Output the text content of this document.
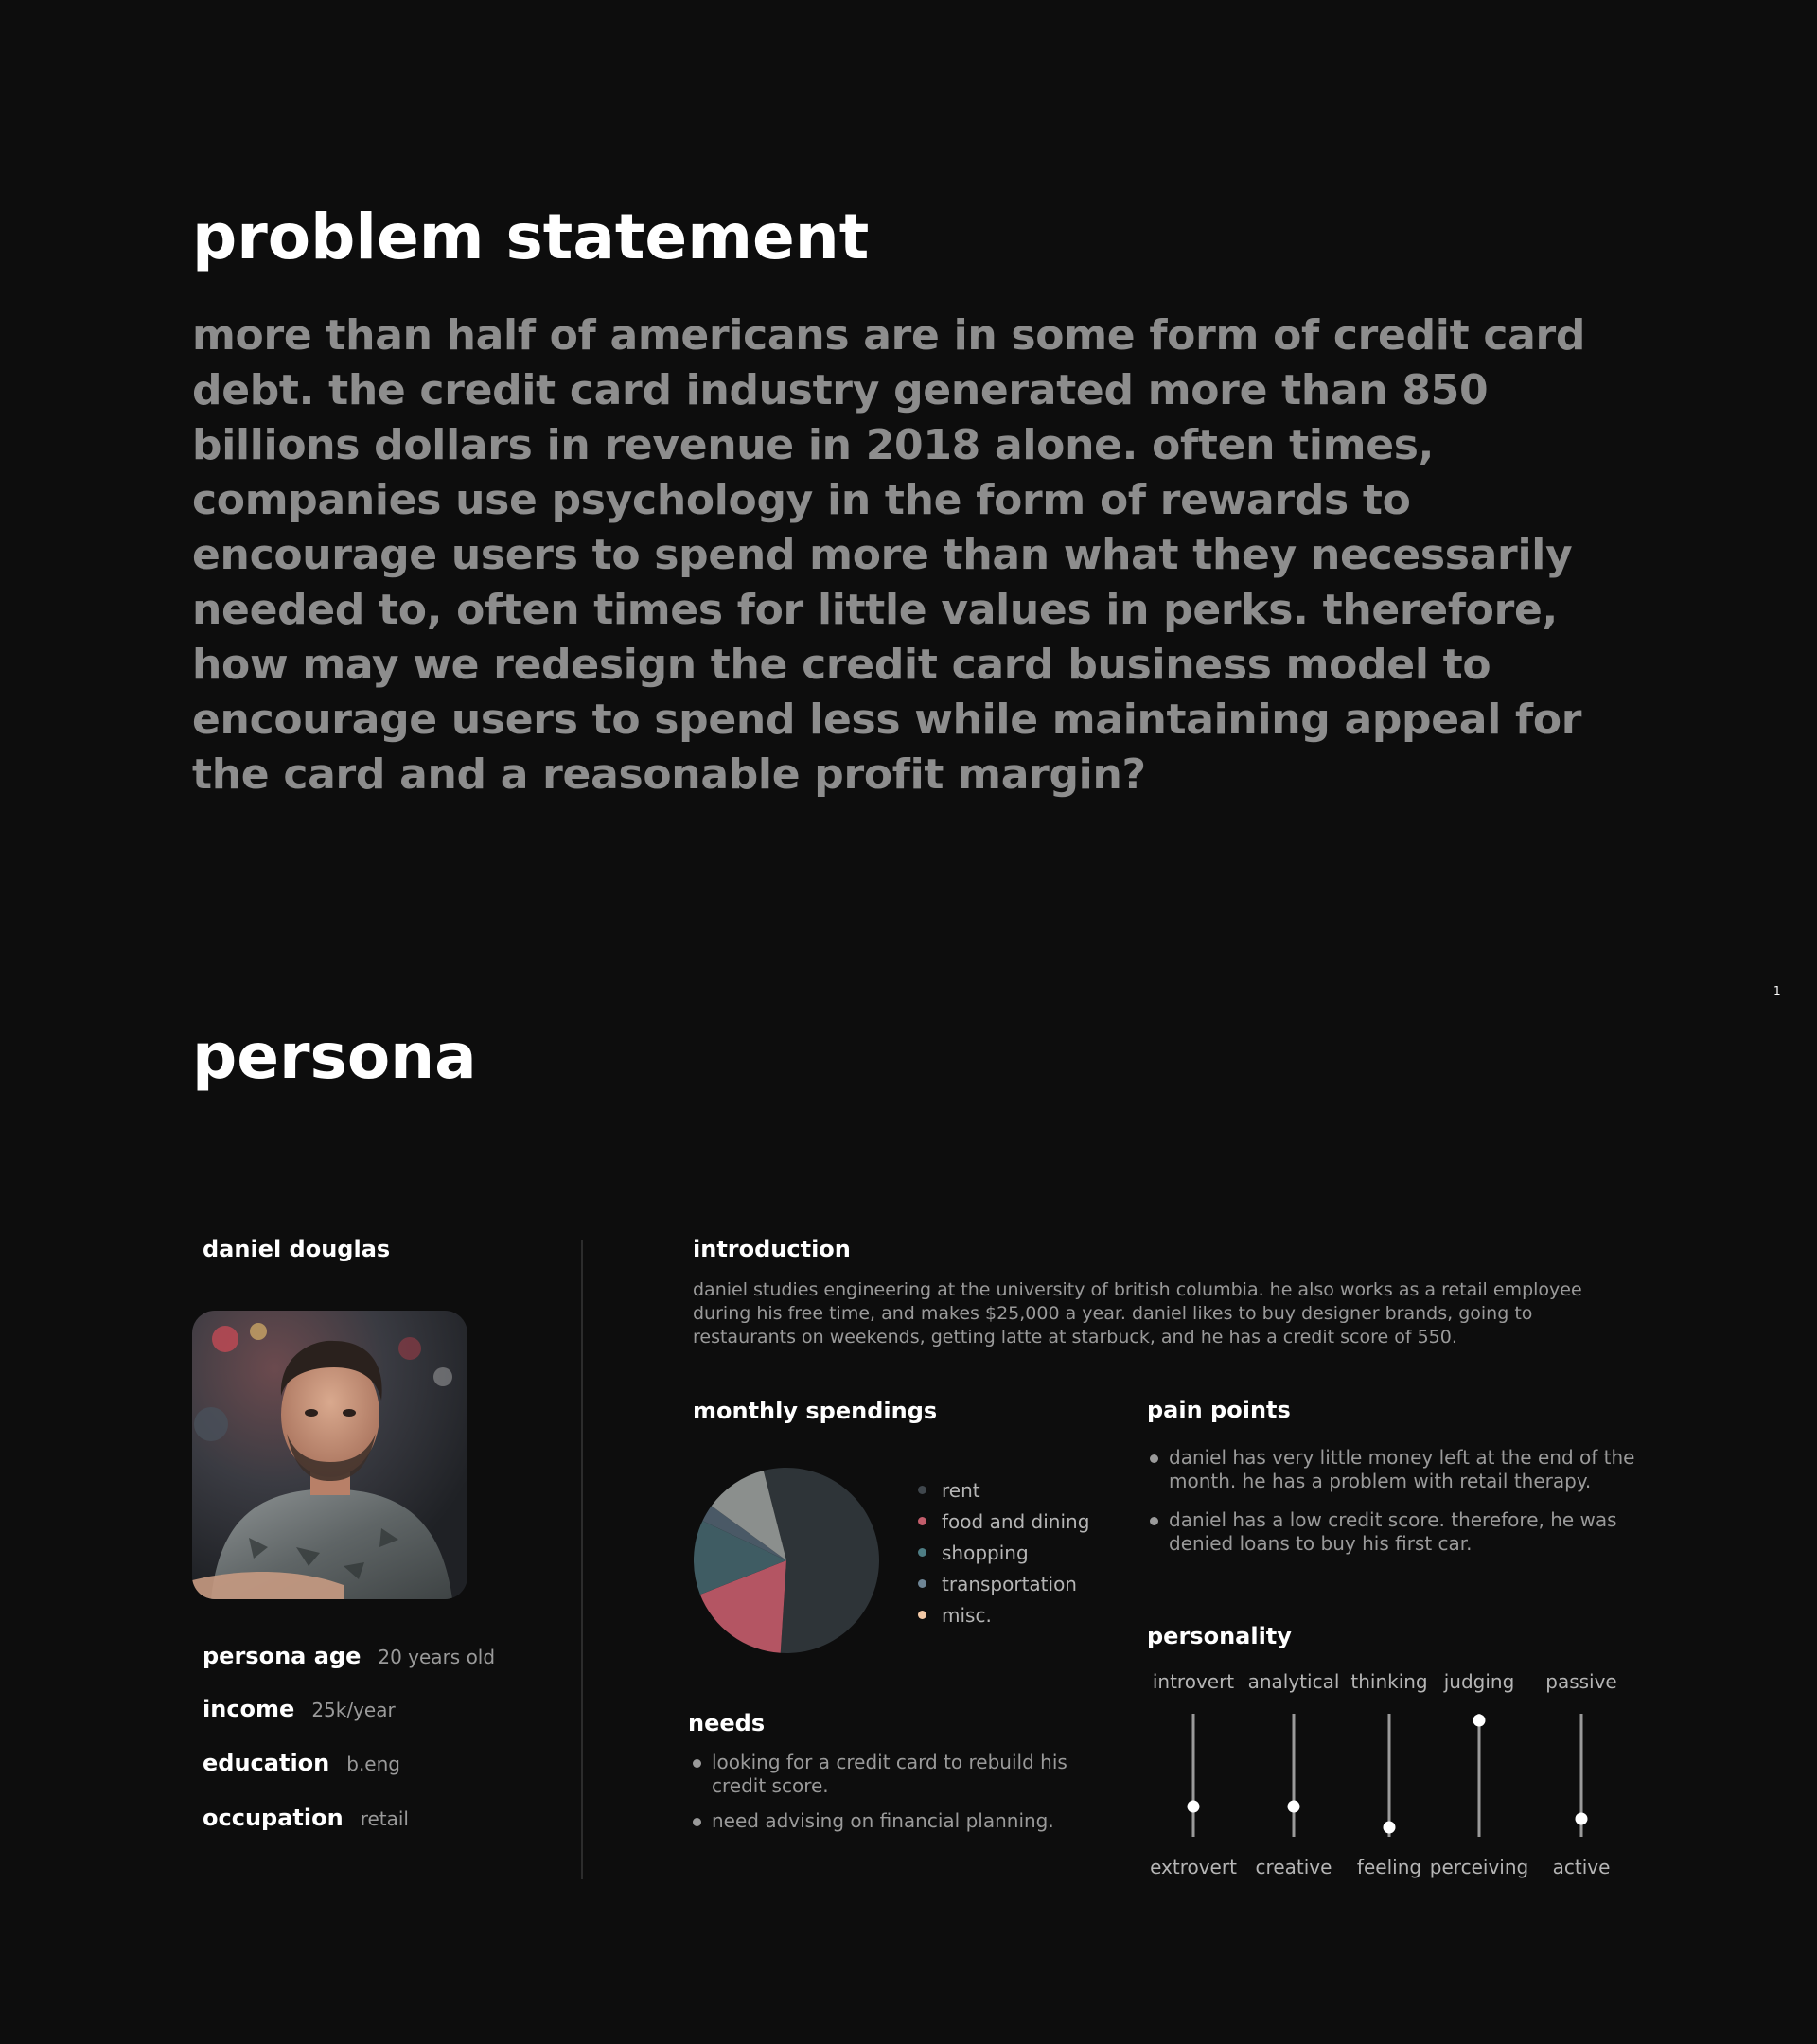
problem statement
more than half of americans are in some form of credit card debt. the credit card industry generated more than 850 billions dollars in revenue in 2018 alone. often times, companies use psychology in the form of rewards to encourage users to spend more than what they necessarily needed to, often times for little values in perks. therefore, how may we redesign the credit card business model to encourage users to spend less while maintaining appeal for the card and a reasonable profit margin?
1
persona
daniel douglas
persona age 20 years old
income 25k/year
education b.eng
occupation retail
introduction
daniel studies engineering at the university of british columbia. he also works as a retail employee during his free time, and makes $25,000 a year. daniel likes to buy designer brands, going to restaurants on weekends, getting latte at starbuck, and he has a credit score of 550.
monthly spendings
rent
food and dining
shopping
transportation
misc.
needs
looking for a credit card to rebuild his credit score.
need advising on financial planning.
pain points
daniel has very little money left at the end of the month. he has a problem with retail therapy.
daniel has a low credit score. therefore, he was denied loans to buy his first car.
personality
introvert analytical thinking judging passive
extrovert creative feeling perceiving active
